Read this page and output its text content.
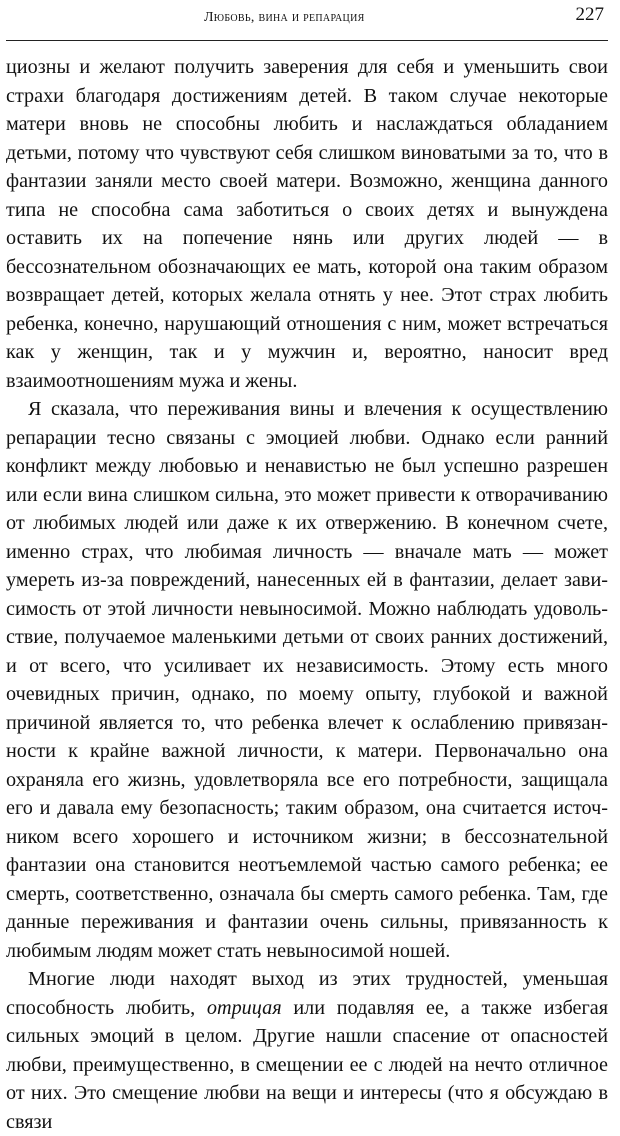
Любовь, вина и репарация	227

циозны и желают получить заверения для себя и уменьшить свои страхи благодаря достижениям детей. В таком случае некоторые матери вновь не способны любить и наслаждаться обладанием детьми, потому что чувствуют себя слишком виноватыми за то, что в фантазии заняли место своей матери. Возможно, женщина данного типа не способна сама заботиться о своих детях и вынуждена оставить их на попечение нянь или других людей — в бессознательном обозначающих ее мать, которой она таким образом возвращает детей, которых желала отнять у нее. Этот страх любить ребенка, конечно, нарушающий отношения с ним, может встречаться как у женщин, так и у мужчин и, вероятно, наносит вред взаимоотношениям мужа и жены.

Я сказала, что переживания вины и влечения к осуществлению репарации тесно связаны с эмоцией любви. Однако если ранний конфликт между любовью и ненавистью не был успешно разрешен или если вина слишком сильна, это может привести к отворачиванию от любимых людей или даже к их отвержению. В конечном счете, именно страх, что любимая личность — вначале мать — может умереть из-за повреждений, нанесенных ей в фантазии, делает зависимость от этой личности невыносимой. Можно наблюдать удовольствие, получаемое маленькими детьми от своих ранних достижений, и от всего, что усиливает их независимость. Этому есть много очевидных причин, однако, по моему опыту, глубокой и важной причиной является то, что ребенка влечет к ослаблению привязанности к крайне важной личности, к матери. Первоначально она охраняла его жизнь, удовлетворяла все его потребности, защищала его и давала ему безопасность; таким образом, она считается источником всего хорошего и источником жизни; в бессознательной фантазии она становится неотъемлемой частью самого ребенка; ее смерть, соответственно, означала бы смерть самого ребенка. Там, где данные переживания и фантазии очень сильны, привязанность к любимым людям может стать невыносимой ношей.

Многие люди находят выход из этих трудностей, уменьшая способность любить, отрицая или подавляя ее, а также избегая сильных эмоций в целом. Другие нашли спасение от опасностей любви, преимущественно, в смещении ее с людей на нечто отличное от них. Это смещение любви на вещи и интересы (что я обсуждаю в связи
